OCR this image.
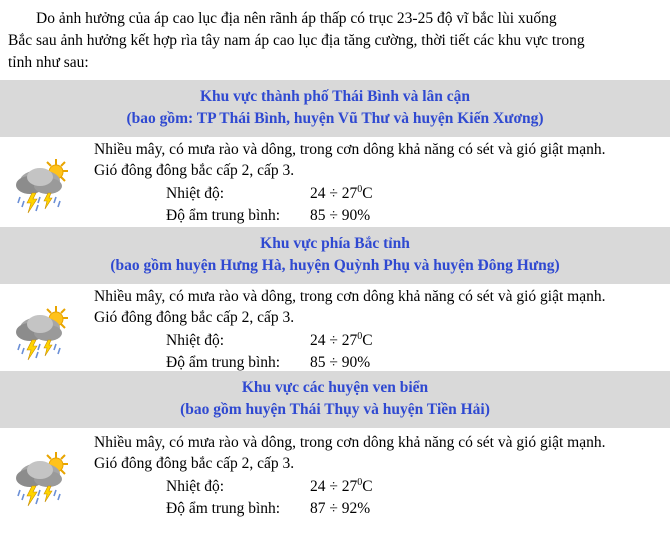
Do ảnh hưởng của áp cao lục địa nên rãnh áp thấp có trục 23-25 độ vĩ bắc lùi xuống
Bắc sau ảnh hưởng kết hợp rìa tây nam áp cao lục địa tăng cường, thời tiết các khu vực trong
tỉnh như sau:
Khu vực thành phố Thái Bình và lân cận
(bao gồm: TP Thái Bình, huyện Vũ Thư và huyện Kiến Xương)
Nhiều mây, có mưa rào và dông, trong cơn dông khả năng có sét và gió giật mạnh.
Gió đông đông bắc cấp 2, cấp 3.
Nhiệt độ:	$24 \div 27^0C$
Độ ẩm trung bình: 85 ÷ 90%
Khu vực phía Bắc tỉnh
(bao gồm huyện Hưng Hà, huyện Quỳnh Phụ và huyện Đông Hưng)
Nhiều mây, có mưa rào và dông, trong cơn dông khả năng có sét và gió giật mạnh.
Gió đông đông bắc cấp 2, cấp 3.
Nhiệt độ:	$24 \div 27^0C$
Độ ẩm trung bình: 85 ÷ 90%
Khu vực các huyện ven biển
(bao gồm huyện Thái Thụy và huyện Tiền Hải)
Nhiều mây, có mưa rào và dông, trong cơn dông khả năng có sét và gió giật mạnh.
Gió đông đông bắc cấp 2, cấp 3.
Nhiệt độ:	$24 \div 27^0C$
Độ ẩm trung bình: 87 ÷ 92%
